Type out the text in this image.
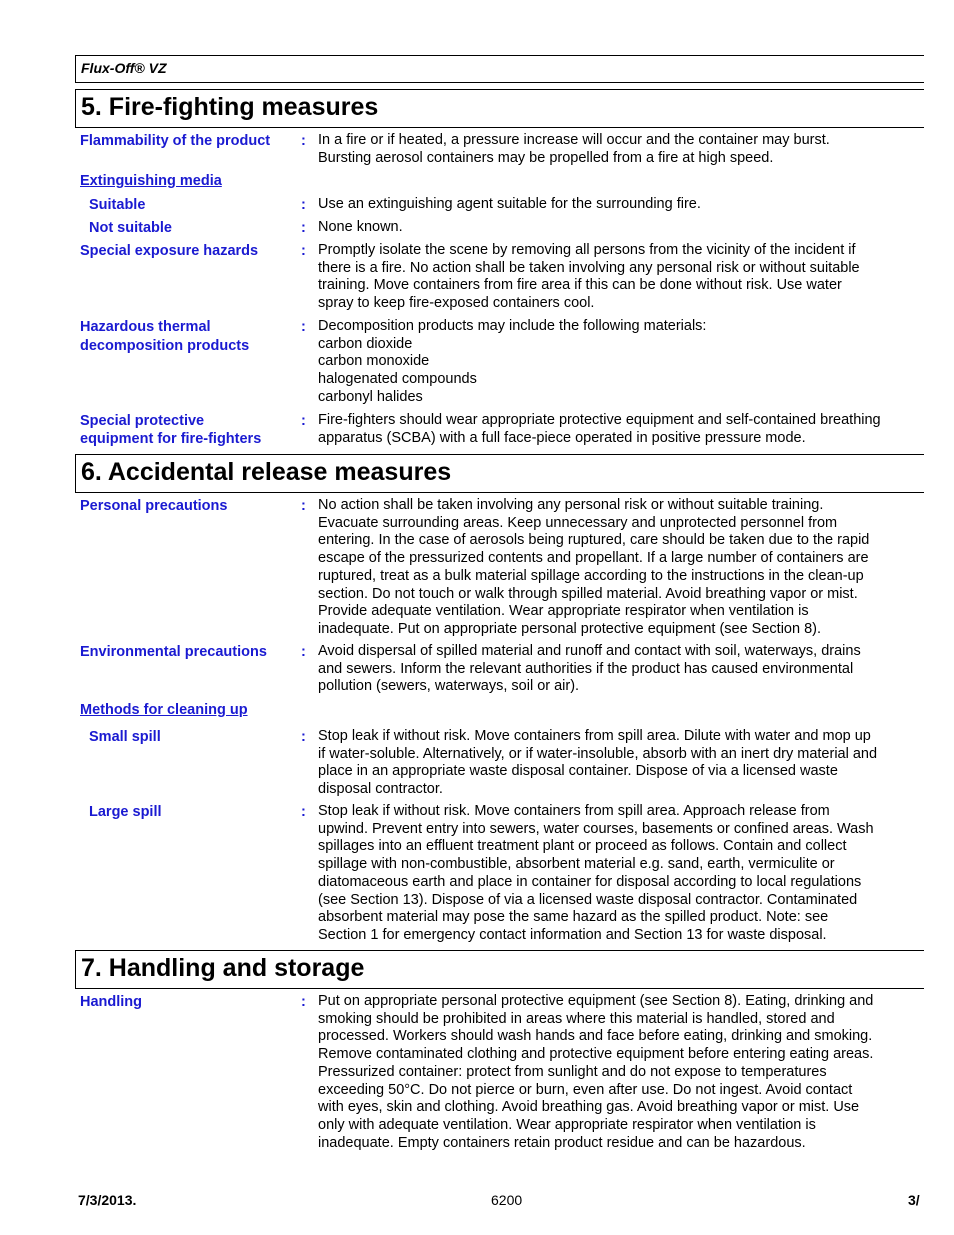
Flux-Off® VZ
5. Fire-fighting measures
Flammability of the product	: In a fire or if heated, a pressure increase will occur and the container may burst.
Bursting aerosol containers may be propelled from a fire at high speed.
Extinguishing media
Suitable	: Use an extinguishing agent suitable for the surrounding fire.
Not suitable	: None known.
Special exposure hazards	: Promptly isolate the scene by removing all persons from the vicinity of the incident if
there is a fire. No action shall be taken involving any personal risk or without suitable
training. Move containers from fire area if this can be done without risk. Use water
spray to keep fire-exposed containers cool.
Hazardous thermal
decomposition products
: Decomposition products may include the following materials:
carbon dioxide
carbon monoxide
halogenated compounds
carbonyl halides
Special protective
equipment for fire-fighters
: Fire-fighters should wear appropriate protective equipment and self-contained breathing
apparatus (SCBA) with a full face-piece operated in positive pressure mode.
6. Accidental release measures
Personal precautions	: No action shall be taken involving any personal risk or without suitable training.
Evacuate surrounding areas. Keep unnecessary and unprotected personnel from
entering. In the case of aerosols being ruptured, care should be taken due to the rapid
escape of the pressurized contents and propellant. If a large number of containers are
ruptured, treat as a bulk material spillage according to the instructions in the clean-up
section. Do not touch or walk through spilled material. Avoid breathing vapor or mist.
Provide adequate ventilation. Wear appropriate respirator when ventilation is
inadequate. Put on appropriate personal protective equipment (see Section 8).
Environmental precautions	: Avoid dispersal of spilled material and runoff and contact with soil, waterways, drains
and sewers. Inform the relevant authorities if the product has caused environmental
pollution (sewers, waterways, soil or air).
Methods for cleaning up
Small spill	: Stop leak if without risk. Move containers from spill area. Dilute with water and mop up
if water-soluble. Alternatively, or if water-insoluble, absorb with an inert dry material and
place in an appropriate waste disposal container. Dispose of via a licensed waste
disposal contractor.
Large spill	: Stop leak if without risk. Move containers from spill area. Approach release from
upwind. Prevent entry into sewers, water courses, basements or confined areas. Wash
spillages into an effluent treatment plant or proceed as follows. Contain and collect
spillage with non-combustible, absorbent material e.g. sand, earth, vermiculite or
diatomaceous earth and place in container for disposal according to local regulations
(see Section 13). Dispose of via a licensed waste disposal contractor. Contaminated
absorbent material may pose the same hazard as the spilled product. Note: see
Section 1 for emergency contact information and Section 13 for waste disposal.
7. Handling and storage
Handling	: Put on appropriate personal protective equipment (see Section 8). Eating, drinking and
smoking should be prohibited in areas where this material is handled, stored and
processed. Workers should wash hands and face before eating, drinking and smoking.
Remove contaminated clothing and protective equipment before entering eating areas.
Pressurized container: protect from sunlight and do not expose to temperatures
exceeding 50°C. Do not pierce or burn, even after use. Do not ingest. Avoid contact
with eyes, skin and clothing. Avoid breathing gas. Avoid breathing vapor or mist. Use
only with adequate ventilation. Wear appropriate respirator when ventilation is
inadequate. Empty containers retain product residue and can be hazardous.
7/3/2013.	6200	3/
